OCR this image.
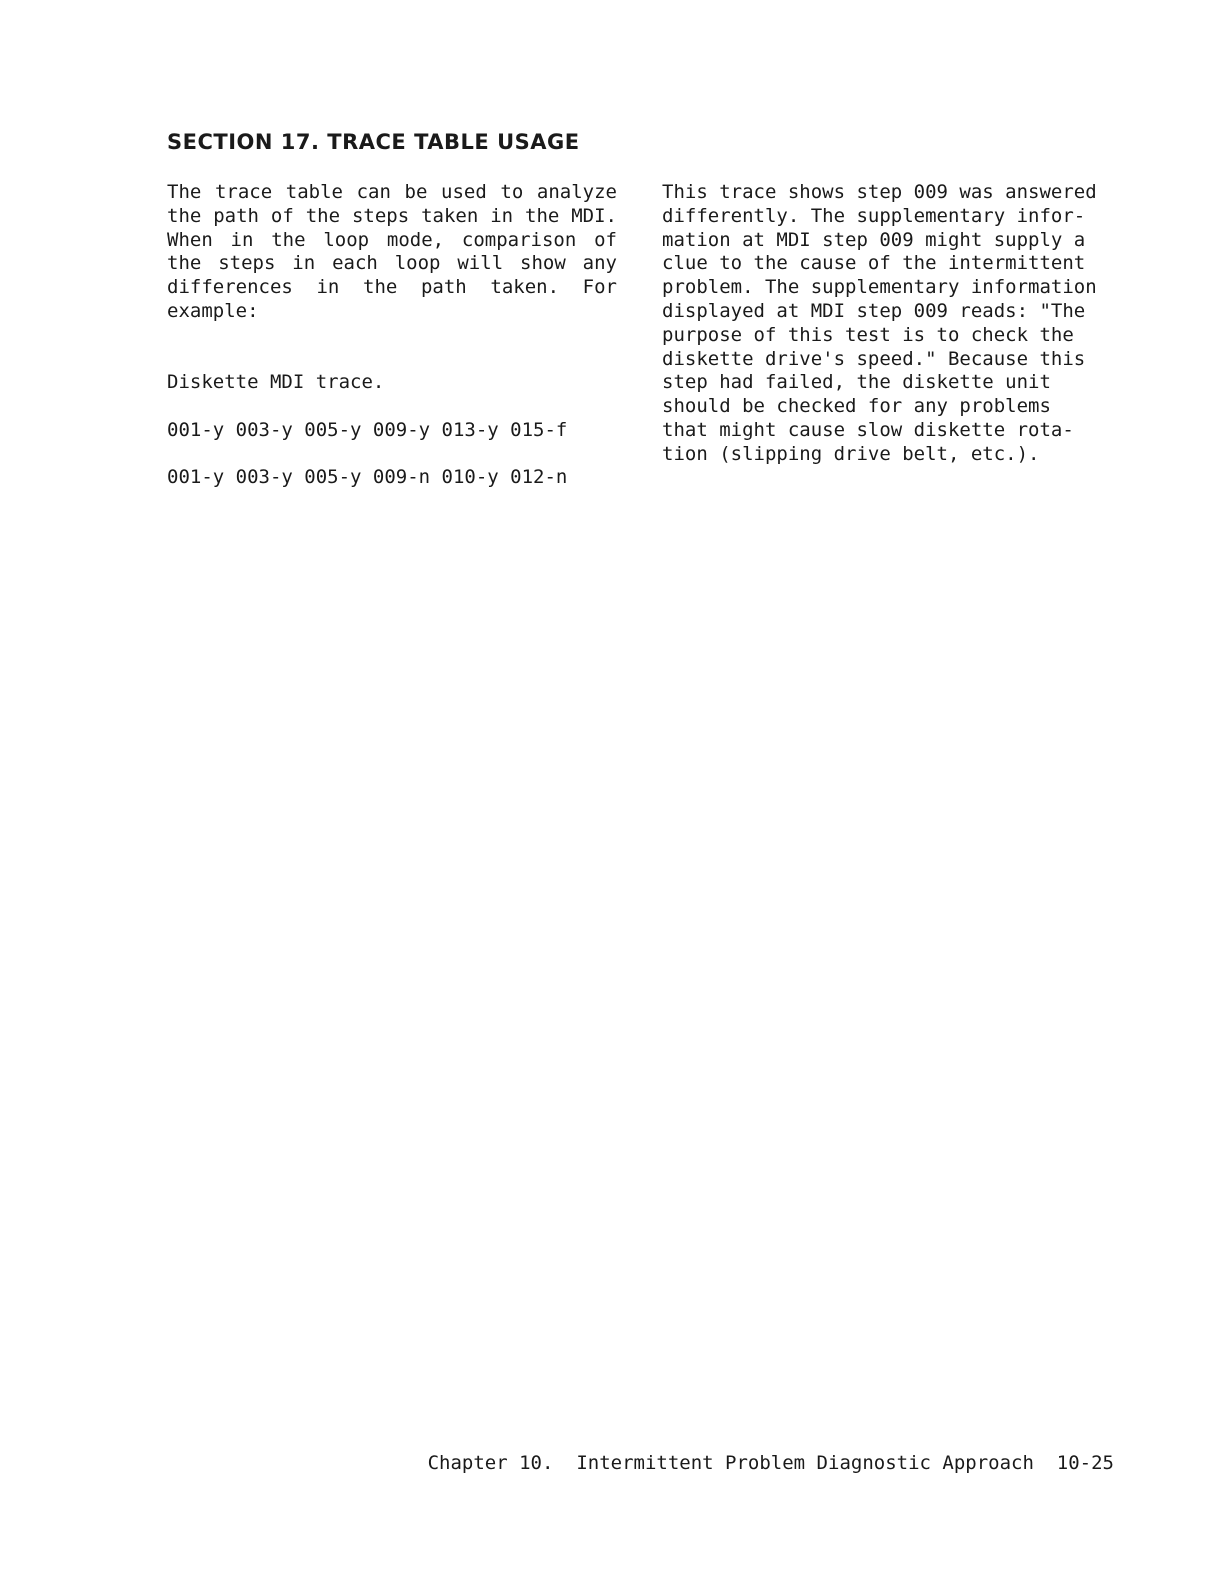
SECTION 17. TRACE TABLE USAGE

The trace table can be used to analyze the path of the steps taken in the MDI. When in the loop mode, comparison of the steps in each loop will show any differences in the path taken. For example:

Diskette MDI trace.
001-y 003-y 005-y 009-y 013-y 015-f
001-y 003-y 005-y 009-n 010-y 012-n
This trace shows step 009 was answered
differently. The supplementary infor-
mation at MDI step 009 might supply a
clue to the cause of the intermittent
problem. The supplementary information
displayed at MDI step 009 reads: "The
purpose of this test is to check the
diskette drive's speed." Because this
step had failed, the diskette unit
should be checked for any problems
that might cause slow diskette rota-
tion (slipping drive belt, etc.).
Chapter 10. Intermittent Problem Diagnostic Approach 10-25
